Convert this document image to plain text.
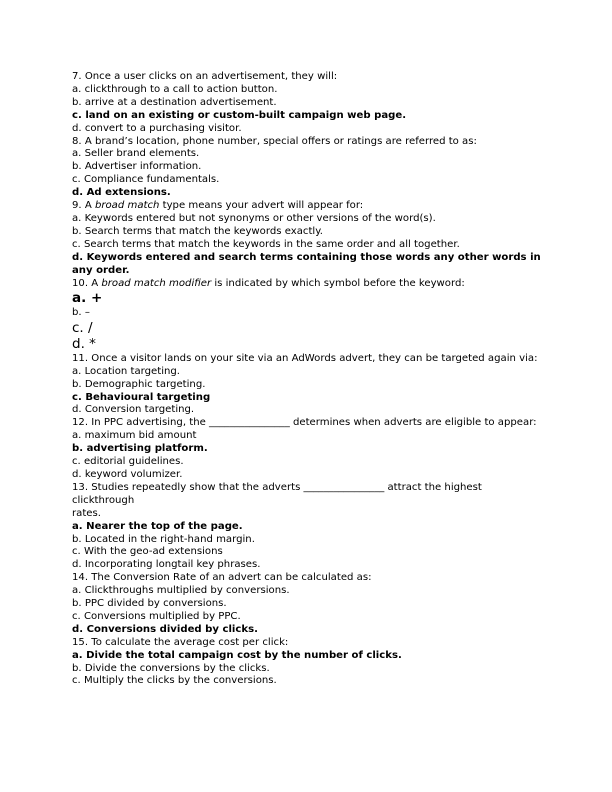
7. Once a user clicks on an advertisement, they will:

a. clickthrough to a call to action button.

b. arrive at a destination advertisement.

c. land on an existing or custom-built campaign web page.

d. convert to a purchasing visitor.

8. A brand’s location, phone number, special offers or ratings are referred to as:

a. Seller brand elements.

b. Advertiser information.

c. Compliance fundamentals.

d. Ad extensions.

9. A broad match type means your advert will appear for:

a. Keywords entered but not synonyms or other versions of the word(s).

b. Search terms that match the keywords exactly.

c. Search terms that match the keywords in the same order and all together.

d. Keywords entered and search terms containing those words any other words in any order.

10. A broad match modifier is indicated by which symbol before the keyword:

a. +

b. –

c. /

d. *

11. Once a visitor lands on your site via an AdWords advert, they can be targeted again via:

a. Location targeting.

b. Demographic targeting.

c. Behavioural targeting

d. Conversion targeting.

12. In PPC advertising, the ________________ determines when adverts are eligible to appear:

a. maximum bid amount

b. advertising platform.

c. editorial guidelines.

d. keyword volumizer.

13. Studies repeatedly show that the adverts ________________ attract the highest clickthrough

rates.

a. Nearer the top of the page.

b. Located in the right-hand margin.

c. With the geo-ad extensions

d. Incorporating longtail key phrases.

14. The Conversion Rate of an advert can be calculated as:

a. Clickthroughs multiplied by conversions.

b. PPC divided by conversions.

c. Conversions multiplied by PPC.

d. Conversions divided by clicks.

15. To calculate the average cost per click:

a. Divide the total campaign cost by the number of clicks.

b. Divide the conversions by the clicks.

c. Multiply the clicks by the conversions.
